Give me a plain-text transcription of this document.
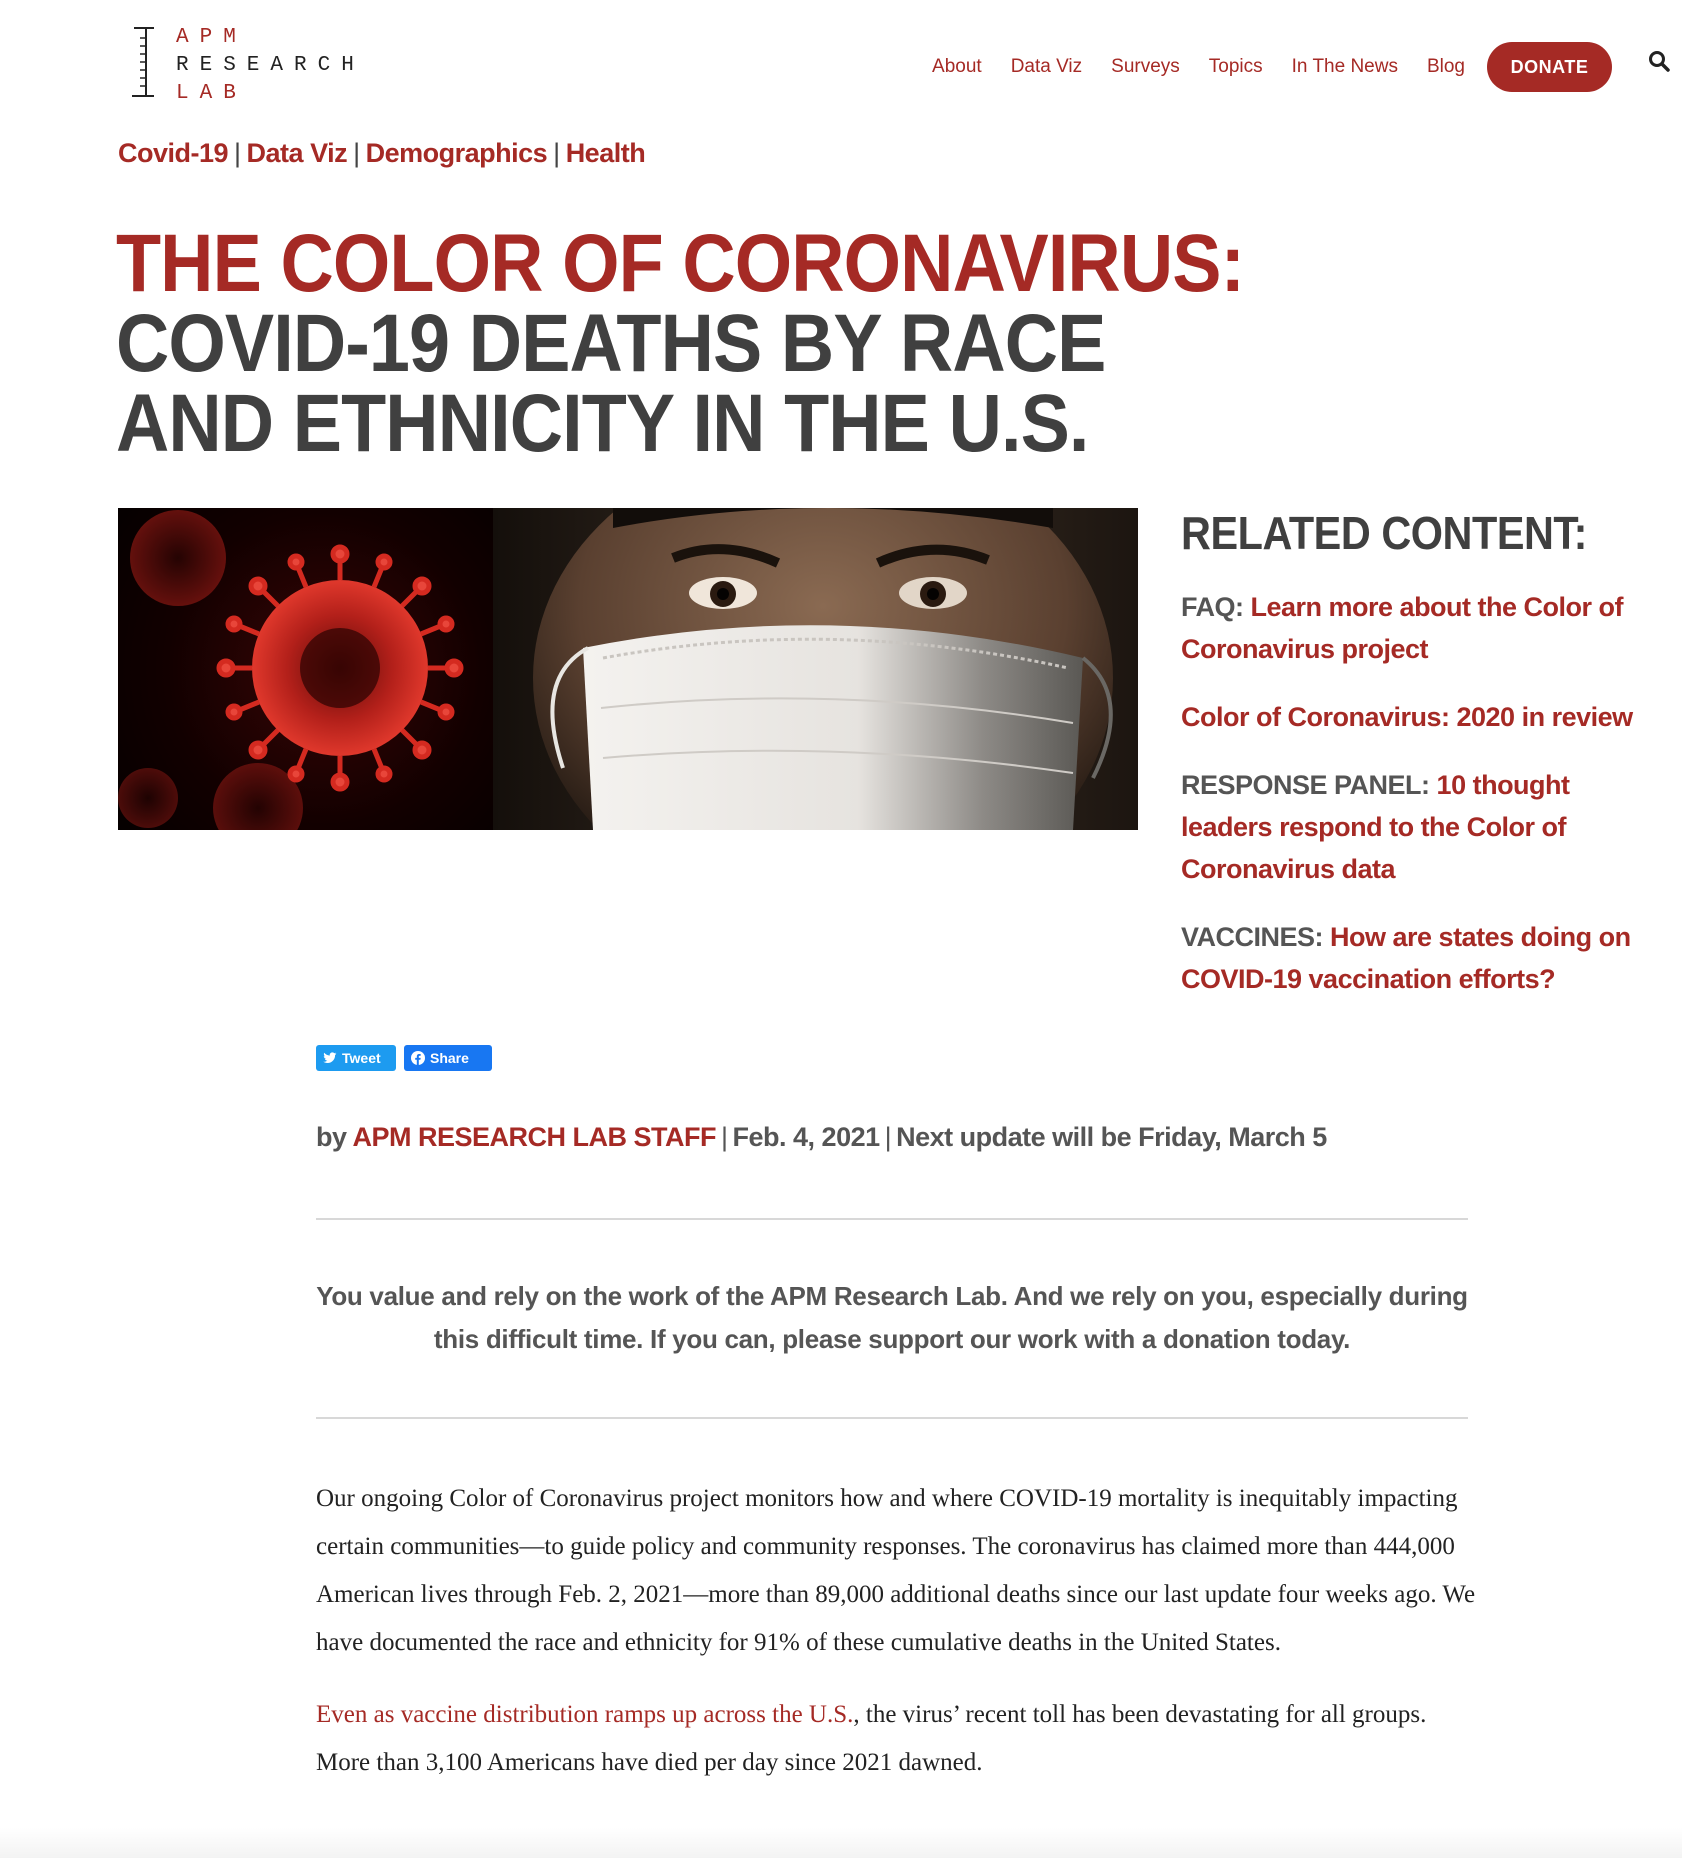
APM
RESEARCH
LAB
About Data Viz Surveys Topics In The News Blog	DONATE
Covid-19 | Data Viz | Demographics | Health
THE COLOR OF CORONAVIRUS:
COVID-19 DEATHS BY RACE AND ETHNICITY IN THE U.S.
RELATED CONTENT:
FAQ: Learn more about the Color of Coronavirus project
Color of Coronavirus: 2020 in review
RESPONSE PANEL: 10 thought leaders respond to the Color of Coronavirus data
VACCINES: How are states doing on COVID-19 vaccination efforts?
Tweet	Share
by APM RESEARCH LAB STAFF | Feb. 4, 2021 | Next update will be Friday, March 5
You value and rely on the work of the APM Research Lab. And we rely on you, especially during this difficult time. If you can, please support our work with a donation today.

Our ongoing Color of Coronavirus project monitors how and where COVID-19 mortality is inequitably impacting certain communities—to guide policy and community responses. The coronavirus has claimed more than 444,000 American lives through Feb. 2, 2021—more than 89,000 additional deaths since our last update four weeks ago. We have documented the race and ethnicity for 91% of these cumulative deaths in the United States.

Even as vaccine distribution ramps up across the U.S., the virus’ recent toll has been devastating for all groups. More than 3,100 Americans have died per day since 2021 dawned.
